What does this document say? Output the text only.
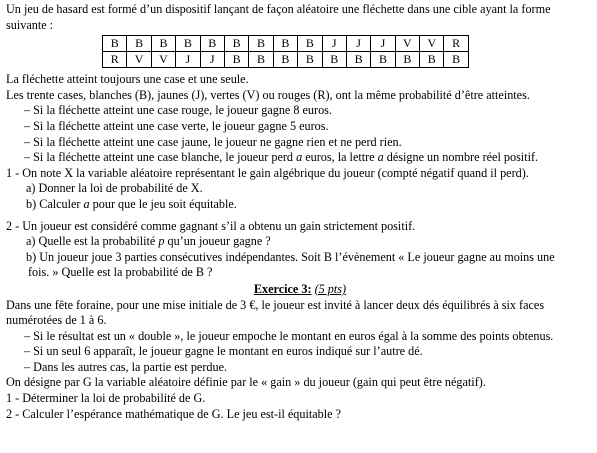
Un jeu de hasard est formé d’un dispositif lançant de façon aléatoire une fléchette dans une cible ayant la forme
suivante :
B	B	B	B	B	B	B	B	B	J	J	J	V	V	R
R	V	V	J	J	B	B	B	B	B	B	B	B	B	B
La fléchette atteint toujours une case et une seule.
Les trente cases, blanches (B), jaunes (J), vertes (V) ou rouges (R), ont la même probabilité d’être atteintes.
– Si la fléchette atteint une case rouge, le joueur gagne 8 euros.
– Si la fléchette atteint une case verte, le joueur gagne 5 euros.
– Si la fléchette atteint une case jaune, le joueur ne gagne rien et ne perd rien.
– Si la fléchette atteint une case blanche, le joueur perd a euros, la lettre a désigne un nombre réel positif.
1 - On note X la variable aléatoire représentant le gain algébrique du joueur (compté négatif quand il perd).
a) Donner la loi de probabilité de X.
b) Calculer a pour que le jeu soit équitable.
2 - Un joueur est considéré comme gagnant s’il a obtenu un gain strictement positif.
a) Quelle est la probabilité p qu’un joueur gagne ?
b) Un joueur joue 3 parties consécutives indépendantes. Soit B l’évènement « Le joueur gagne au moins une
fois. » Quelle est la probabilité de B ?
Exercice 3: (5 pts)
Dans une fête foraine, pour une mise initiale de 3 €, le joueur est invité à lancer deux dés équilibrés à six faces
numérotées de 1 à 6.
– Si le résultat est un « double », le joueur empoche le montant en euros égal à la somme des points obtenus.
– Si un seul 6 apparaît, le joueur gagne le montant en euros indiqué sur l’autre dé.
– Dans les autres cas, la partie est perdue.
On désigne par G la variable aléatoire définie par le « gain » du joueur (gain qui peut être négatif).
1 - Déterminer la loi de probabilité de G.
2 - Calculer l’espérance mathématique de G. Le jeu est-il équitable ?
